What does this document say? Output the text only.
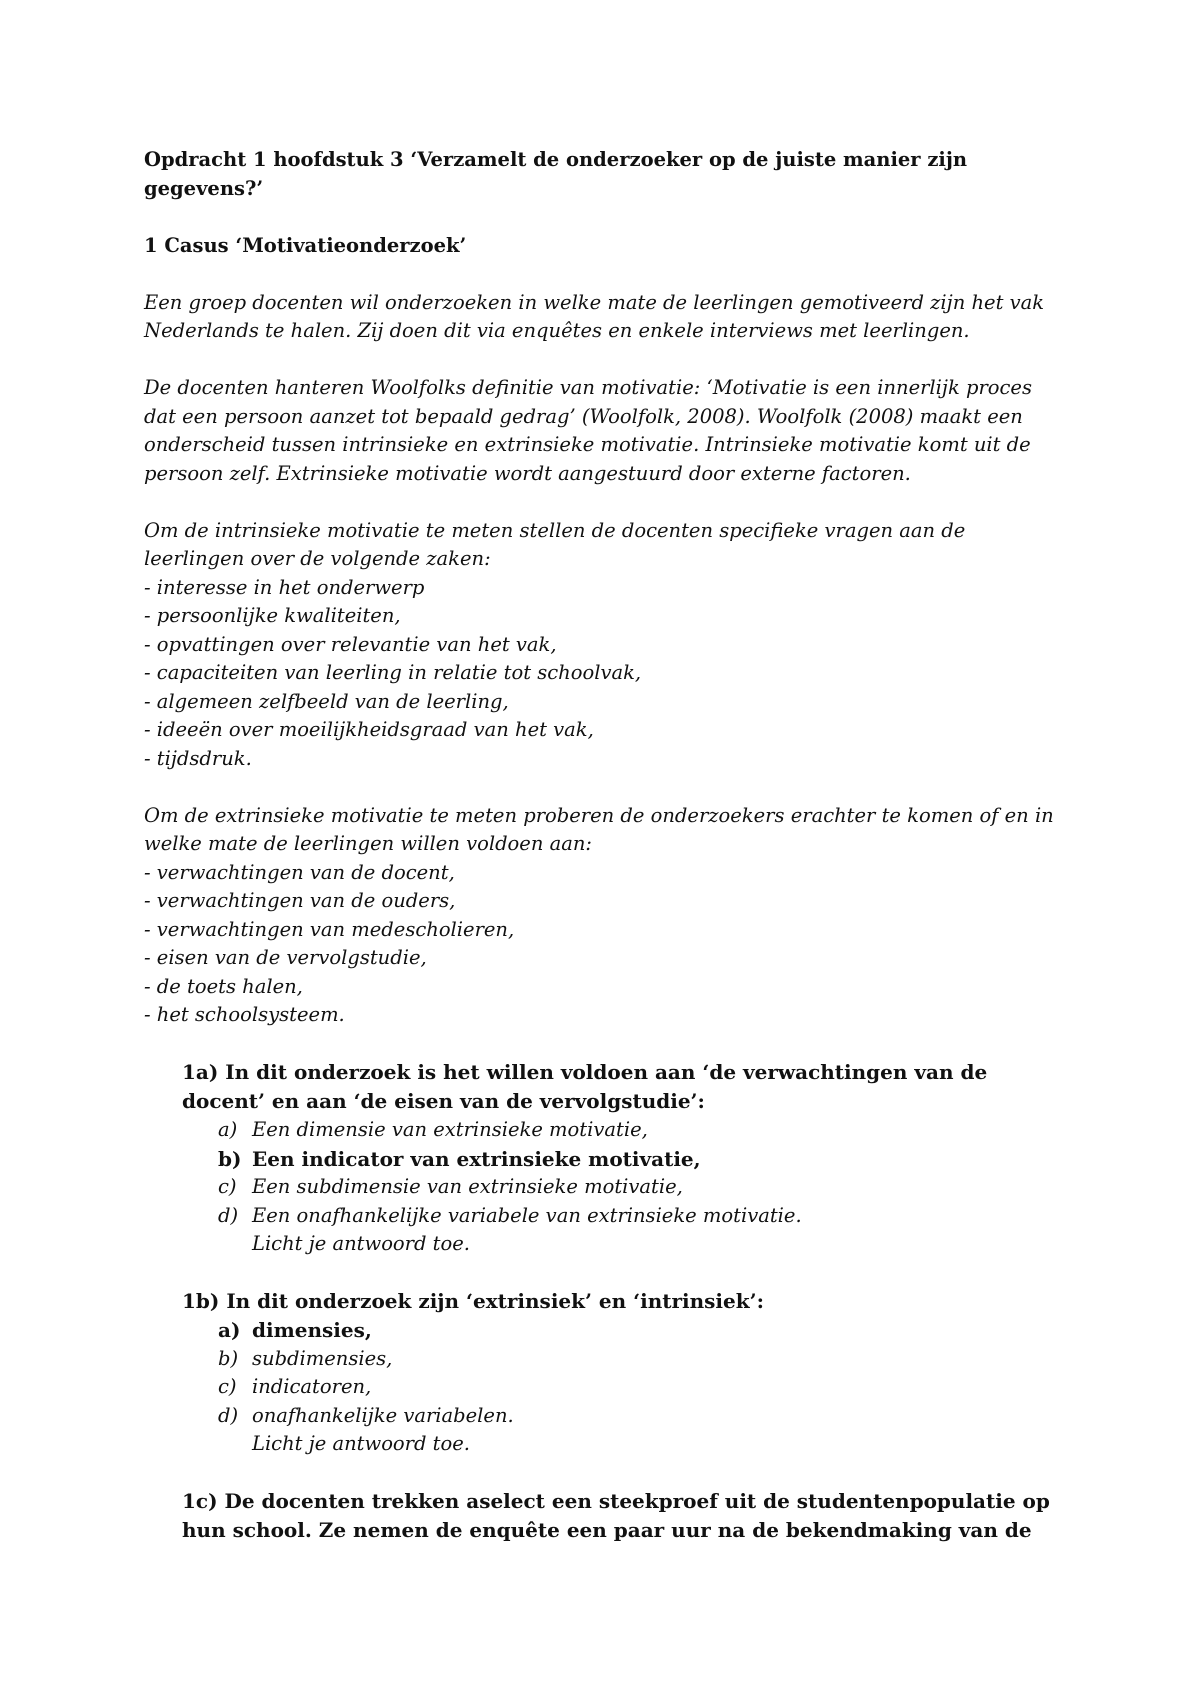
Opdracht 1 hoofdstuk 3 ‘Verzamelt de onderzoeker op de juiste manier zijn
gegevens?’
1 Casus ‘Motivatieonderzoek’
Een groep docenten wil onderzoeken in welke mate de leerlingen gemotiveerd zijn het vak
Nederlands te halen. Zij doen dit via enquêtes en enkele interviews met leerlingen.
De docenten hanteren Woolfolks definitie van motivatie: ‘Motivatie is een innerlijk proces
dat een persoon aanzet tot bepaald gedrag’ (Woolfolk, 2008). Woolfolk (2008) maakt een
onderscheid tussen intrinsieke en extrinsieke motivatie. Intrinsieke motivatie komt uit de
persoon zelf. Extrinsieke motivatie wordt aangestuurd door externe factoren.
Om de intrinsieke motivatie te meten stellen de docenten specifieke vragen aan de
leerlingen over de volgende zaken:
- interesse in het onderwerp
- persoonlijke kwaliteiten,
- opvattingen over relevantie van het vak,
- capaciteiten van leerling in relatie tot schoolvak,
- algemeen zelfbeeld van de leerling,
- ideeën over moeilijkheidsgraad van het vak,
- tijdsdruk.
Om de extrinsieke motivatie te meten proberen de onderzoekers erachter te komen of en in
welke mate de leerlingen willen voldoen aan:
- verwachtingen van de docent,
- verwachtingen van de ouders,
- verwachtingen van medescholieren,
- eisen van de vervolgstudie,
- de toets halen,
- het schoolsysteem.
1a) In dit onderzoek is het willen voldoen aan ‘de verwachtingen van de
docent’ en aan ‘de eisen van de vervolgstudie’:
a) Een dimensie van extrinsieke motivatie,
b) Een indicator van extrinsieke motivatie,
c) Een subdimensie van extrinsieke motivatie,
d) Een onafhankelijke variabele van extrinsieke motivatie.
Licht je antwoord toe.
1b) In dit onderzoek zijn ‘extrinsiek’ en ‘intrinsiek’:
a) dimensies,
b) subdimensies,
c) indicatoren,
d) onafhankelijke variabelen.
Licht je antwoord toe.
1c) De docenten trekken aselect een steekproef uit de studentenpopulatie op
hun school. Ze nemen de enquête een paar uur na de bekendmaking van de
